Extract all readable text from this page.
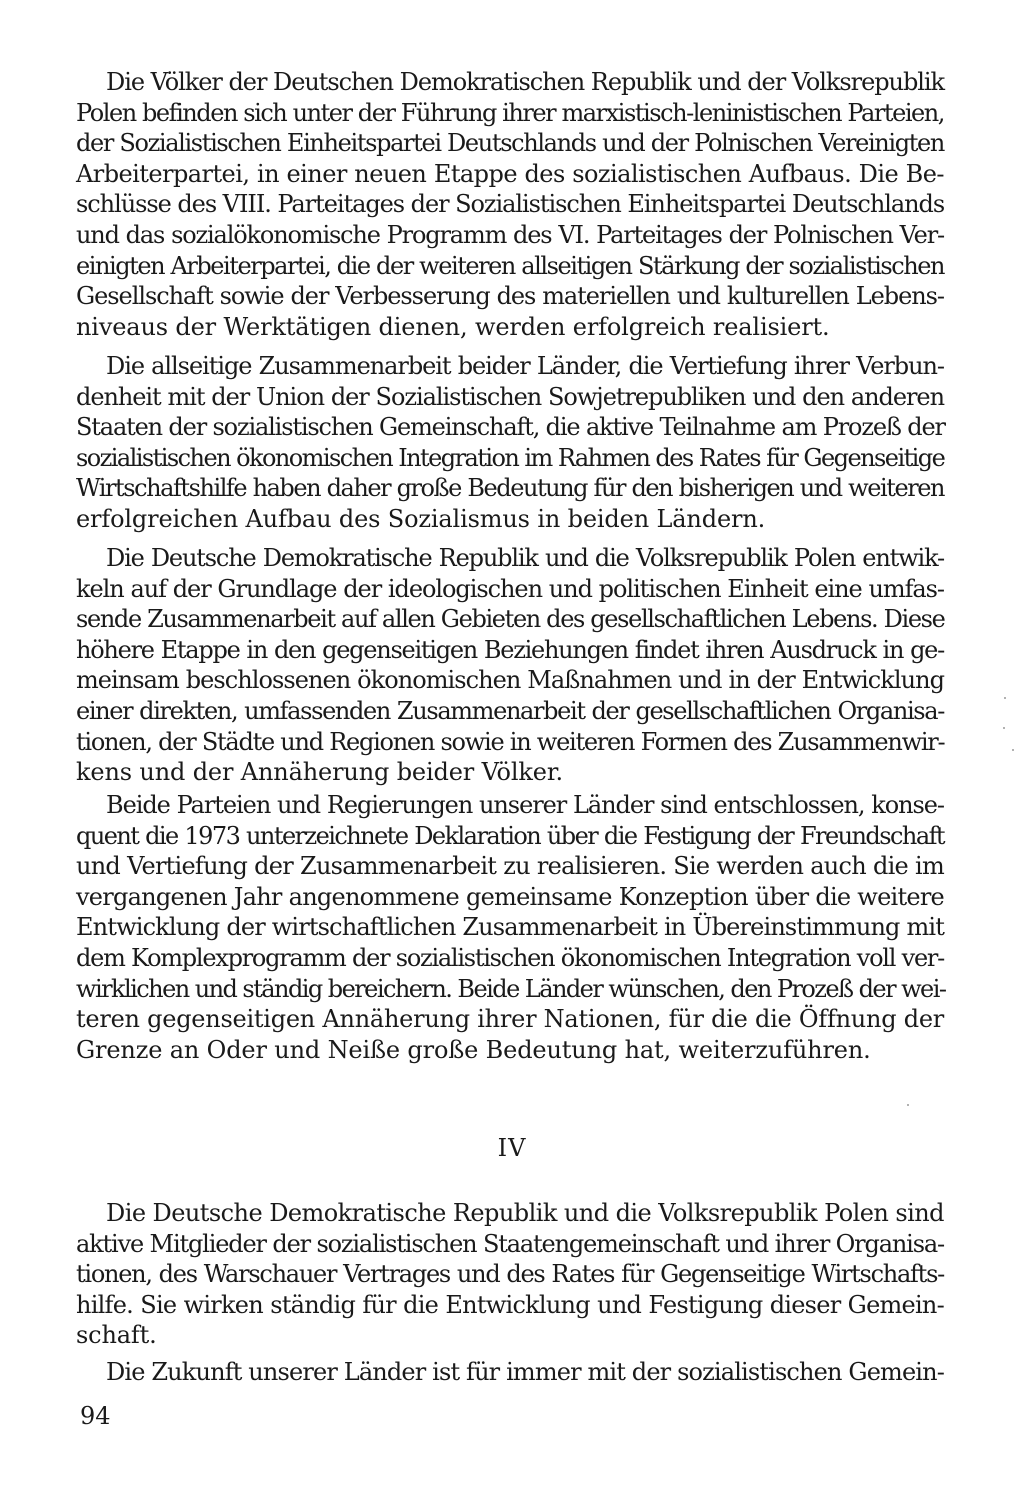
Die Völker der Deutschen Demokratischen Republik und der Volksrepublik
Polen befinden sich unter der Führung ihrer marxistisch-leninistischen Parteien,
der Sozialistischen Einheitspartei Deutschlands und der Polnischen Vereinigten
Arbeiterpartei, in einer neuen Etappe des sozialistischen Aufbaus. Die Be-
schlüsse des VIII. Parteitages der Sozialistischen Einheitspartei Deutschlands
und das sozialökonomische Programm des VI. Parteitages der Polnischen Ver-
einigten Arbeiterpartei, die der weiteren allseitigen Stärkung der sozialistischen
Gesellschaft sowie der Verbesserung des materiellen und kulturellen Lebens-
niveaus der Werktätigen dienen, werden erfolgreich realisiert.
Die allseitige Zusammenarbeit beider Länder, die Vertiefung ihrer Verbun-
denheit mit der Union der Sozialistischen Sowjetrepubliken und den anderen
Staaten der sozialistischen Gemeinschaft, die aktive Teilnahme am Prozeß der
sozialistischen ökonomischen Integration im Rahmen des Rates für Gegenseitige
Wirtschaftshilfe haben daher große Bedeutung für den bisherigen und weiteren
erfolgreichen Aufbau des Sozialismus in beiden Ländern.
Die Deutsche Demokratische Republik und die Volksrepublik Polen entwik-
keln auf der Grundlage der ideologischen und politischen Einheit eine umfas-
sende Zusammenarbeit auf allen Gebieten des gesellschaftlichen Lebens. Diese
höhere Etappe in den gegenseitigen Beziehungen findet ihren Ausdruck in ge-
meinsam beschlossenen ökonomischen Maßnahmen und in der Entwicklung
einer direkten, umfassenden Zusammenarbeit der gesellschaftlichen Organisa-
tionen, der Städte und Regionen sowie in weiteren Formen des Zusammenwir-
kens und der Annäherung beider Völker.
Beide Parteien und Regierungen unserer Länder sind entschlossen, konse-
quent die 1973 unterzeichnete Deklaration über die Festigung der Freundschaft
und Vertiefung der Zusammenarbeit zu realisieren. Sie werden auch die im
vergangenen Jahr angenommene gemeinsame Konzeption über die weitere
Entwicklung der wirtschaftlichen Zusammenarbeit in Übereinstimmung mit
dem Komplexprogramm der sozialistischen ökonomischen Integration voll ver-
wirklichen und ständig bereichern. Beide Länder wünschen, den Prozeß der wei-
teren gegenseitigen Annäherung ihrer Nationen, für die die Öffnung der
Grenze an Oder und Neiße große Bedeutung hat, weiterzuführen.
IV
Die Deutsche Demokratische Republik und die Volksrepublik Polen sind
aktive Mitglieder der sozialistischen Staatengemeinschaft und ihrer Organisa-
tionen, des Warschauer Vertrages und des Rates für Gegenseitige Wirtschafts-
hilfe. Sie wirken ständig für die Entwicklung und Festigung dieser Gemein-
schaft.
Die Zukunft unserer Länder ist für immer mit der sozialistischen Gemein-
94
